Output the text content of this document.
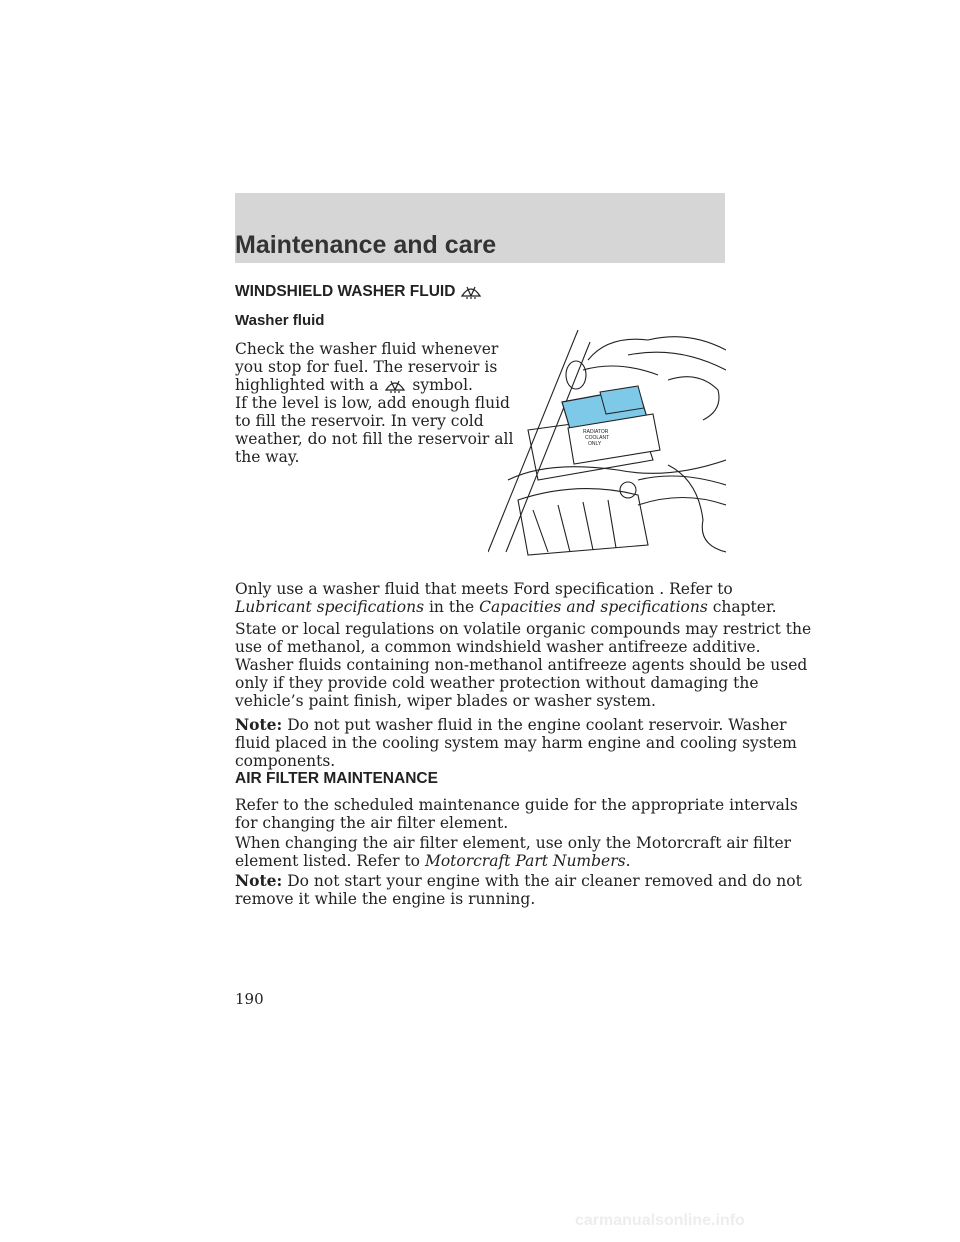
Maintenance and care
WINDSHIELD WASHER FLUID
Washer fluid
Check the washer fluid whenever
you stop for fuel. The reservoir is
highlighted with a symbol.
If the level is low, add enough fluid
to fill the reservoir. In very cold
weather, do not fill the reservoir all
the way.
RADIATOR
COOLANT
ONLY
Only use a washer fluid that meets Ford specification . Refer to
Lubricant specifications in the Capacities and specifications chapter.
State or local regulations on volatile organic compounds may restrict the
use of methanol, a common windshield washer antifreeze additive.
Washer fluids containing non-methanol antifreeze agents should be used
only if they provide cold weather protection without damaging the
vehicle’s paint finish, wiper blades or washer system.
Note: Do not put washer fluid in the engine coolant reservoir. Washer
fluid placed in the cooling system may harm engine and cooling system
components.
AIR FILTER MAINTENANCE
Refer to the scheduled maintenance guide for the appropriate intervals
for changing the air filter element.
When changing the air filter element, use only the Motorcraft air filter
element listed. Refer to Motorcraft Part Numbers.
Note: Do not start your engine with the air cleaner removed and do not
remove it while the engine is running.
190
carmanualsonline.info
